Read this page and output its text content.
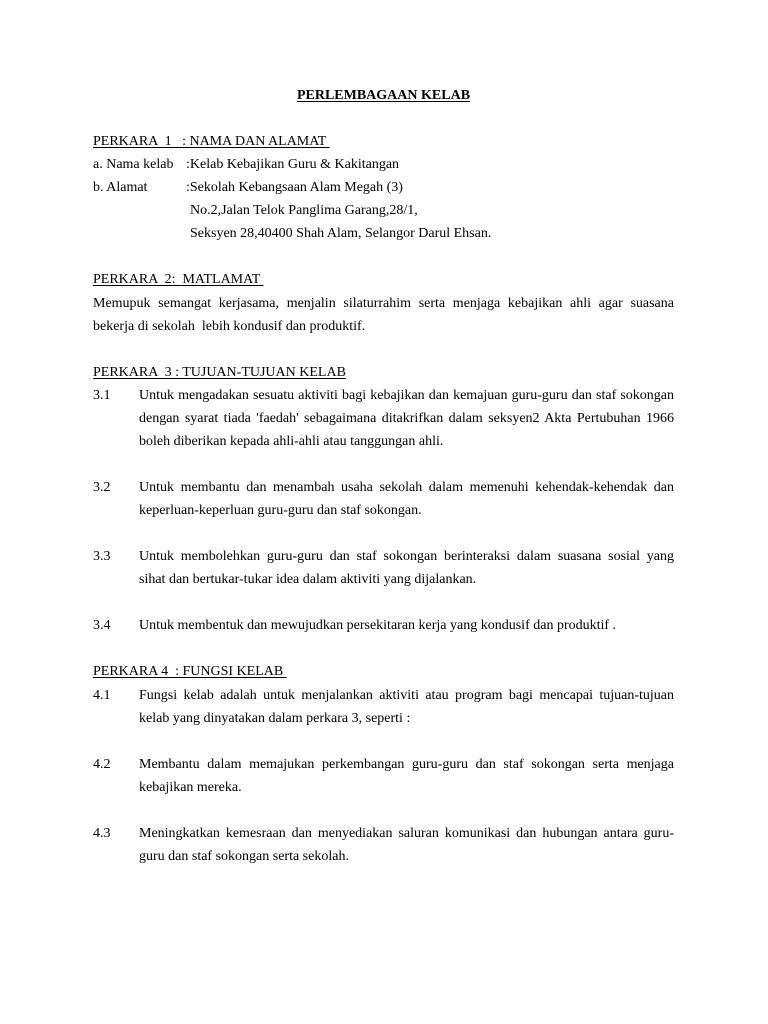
PERLEMBAGAAN KELAB
PERKARA  1   : NAMA DAN ALAMAT
a. Nama kelab :Kelab Kebajikan Guru & Kakitangan
b. Alamat	:Sekolah Kebangsaan Alam Megah (3)
No.2,Jalan Telok Panglima Garang,28/1,
Seksyen 28,40400 Shah Alam, Selangor Darul Ehsan.
PERKARA  2:  MATLAMAT
Memupuk semangat kerjasama, menjalin silaturrahim serta menjaga kebajikan ahli agar suasana
bekerja di sekolah  lebih kondusif dan produktif.
PERKARA  3 : TUJUAN-TUJUAN KELAB
3.1	Untuk mengadakan sesuatu aktiviti bagi kebajikan dan kemajuan guru-guru dan staf sokongan
dengan syarat tiada 'faedah' sebagaimana ditakrifkan dalam seksyen2 Akta Pertubuhan 1966
boleh diberikan kepada ahli-ahli atau tanggungan ahli.
3.2	Untuk membantu dan menambah usaha sekolah dalam memenuhi kehendak-kehendak dan
keperluan-keperluan guru-guru dan staf sokongan.
3.3	Untuk membolehkan guru-guru dan staf sokongan berinteraksi dalam suasana sosial yang
sihat dan bertukar-tukar idea dalam aktiviti yang dijalankan.
3.4	Untuk membentuk dan mewujudkan persekitaran kerja yang kondusif dan produktif .
PERKARA 4  : FUNGSI KELAB
4.1	Fungsi kelab adalah untuk menjalankan aktiviti atau program bagi mencapai tujuan-tujuan
kelab yang dinyatakan dalam perkara 3, seperti :
4.2	Membantu dalam memajukan perkembangan guru-guru dan staf sokongan serta menjaga
kebajikan mereka.
4.3	Meningkatkan kemesraan dan menyediakan saluran komunikasi dan hubungan antara guru-
guru dan staf sokongan serta sekolah.
